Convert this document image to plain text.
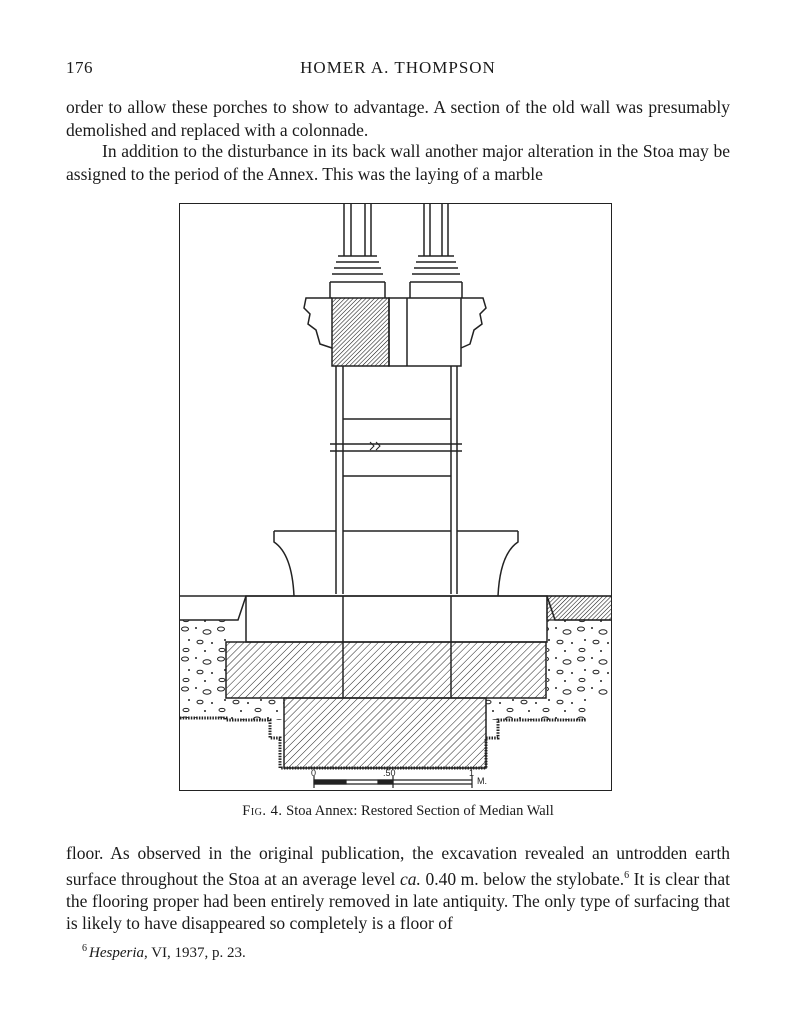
176	HOMER A. THOMPSON

order to allow these porches to show to advantage. A section of the old wall was presumably demolished and replaced with a colonnade.

In addition to the disturbance in its back wall another major alteration in the Stoa may be assigned to the period of the Annex. This was the laying of a marble

0	.50	1
M.
Fig. 4. Stoa Annex: Restored Section of Median Wall

floor. As observed in the original publication, the excavation revealed an untrodden earth surface throughout the Stoa at an average level ca. 0.40 m. below the stylobate.$^6$ It is clear that the flooring proper had been entirely removed in late antiquity. The only type of surfacing that is likely to have disappeared so completely is a floor of

$^6$ Hesperia, VI, 1937, p. 23.
